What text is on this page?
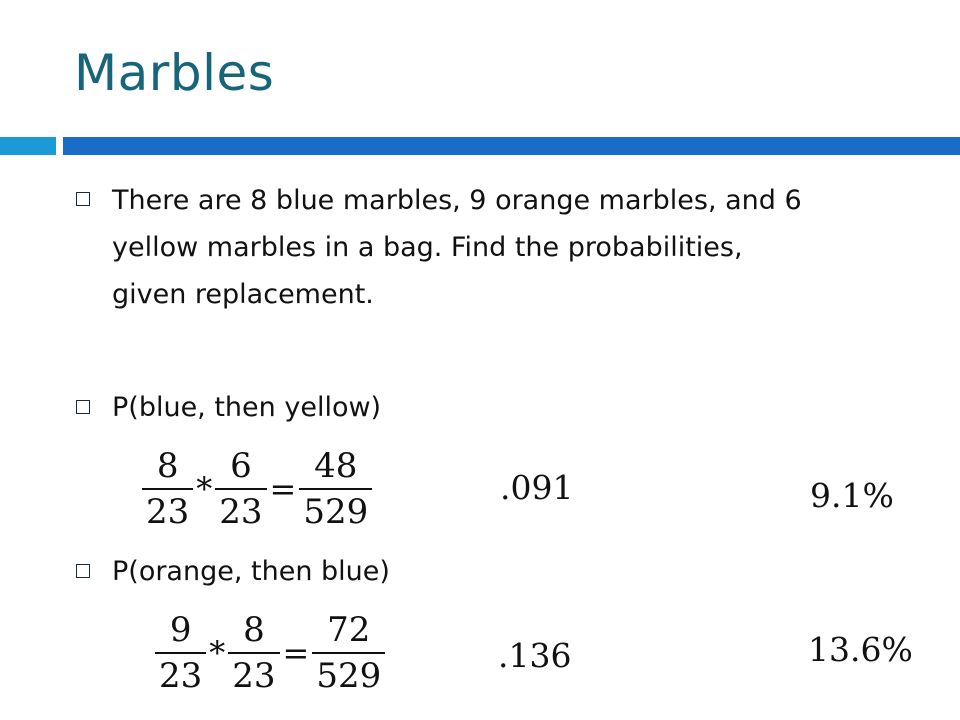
Marbles
There are 8 blue marbles, 9 orange marbles, and 6
yellow marbles in a bag. Find the probabilities,
given replacement.
P(blue, then yellow)
$\frac{8}{23} * \frac{6}{23} = \frac{48}{529}$	.091	9.1%
P(orange, then blue)
$\frac{9}{23} * \frac{8}{23} = \frac{72}{529}$	.136	13.6%
